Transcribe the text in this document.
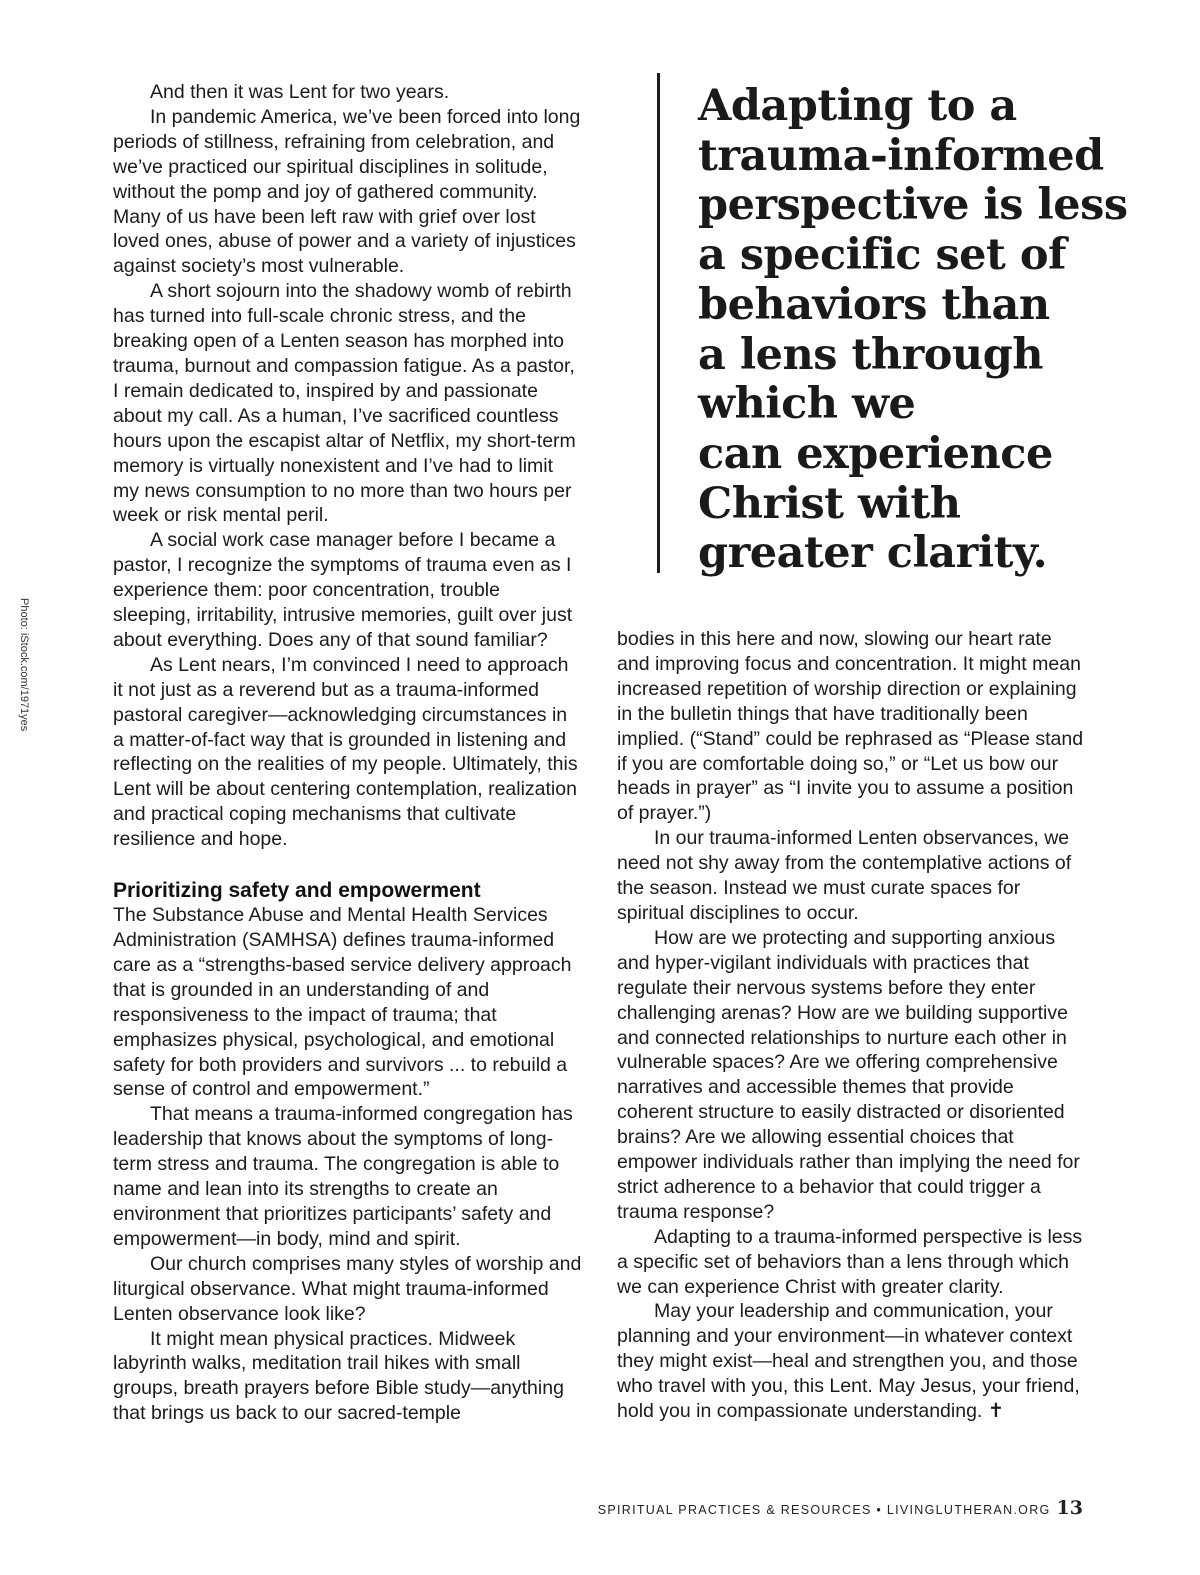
And then it was Lent for two years.

In pandemic America, we’ve been forced into long periods of stillness, refraining from celebration, and we’ve practiced our spiritual disciplines in solitude, without the pomp and joy of gathered community. Many of us have been left raw with grief over lost loved ones, abuse of power and a variety of injustices against society’s most vulnerable.

A short sojourn into the shadowy womb of rebirth has turned into full-scale chronic stress, and the breaking open of a Lenten season has morphed into trauma, burnout and compassion fatigue. As a pastor, I remain dedicated to, inspired by and passionate about my call. As a human, I’ve sacrificed countless hours upon the escapist altar of Netflix, my short-term memory is virtually nonexistent and I’ve had to limit my news consumption to no more than two hours per week or risk mental peril.

A social work case manager before I became a pastor, I recognize the symptoms of trauma even as I experience them: poor concentration, trouble sleeping, irritability, intrusive memories, guilt over just about everything. Does any of that sound familiar?

As Lent nears, I’m convinced I need to approach it not just as a reverend but as a trauma-informed pastoral caregiver—acknowledging circumstances in a matter-of-fact way that is grounded in listening and reflecting on the realities of my people. Ultimately, this Lent will be about centering contemplation, realization and practical coping mechanisms that cultivate resilience and hope.

Prioritizing safety and empowerment

The Substance Abuse and Mental Health Services Administration (SAMHSA) defines trauma-informed care as a “strengths-based service delivery approach that is grounded in an understanding of and responsiveness to the impact of trauma; that emphasizes physical, psychological, and emotional safety for both providers and survivors ... to rebuild a sense of control and empowerment.”

That means a trauma-informed congregation has leadership that knows about the symptoms of long-term stress and trauma. The congregation is able to name and lean into its strengths to create an environment that prioritizes participants’ safety and empowerment—in body, mind and spirit.

Our church comprises many styles of worship and liturgical observance. What might trauma-informed Lenten observance look like?

It might mean physical practices. Midweek labyrinth walks, meditation trail hikes with small groups, breath prayers before Bible study—anything that brings us back to our sacred-temple

Adapting to a
trauma-informed
perspective is less
a specific set of
behaviors than
a lens through
which we
can experience
Christ with
greater clarity.

bodies in this here and now, slowing our heart rate and improving focus and concentration. It might mean increased repetition of worship direction or explaining in the bulletin things that have traditionally been implied. (“Stand” could be rephrased as “Please stand if you are comfortable doing so,” or “Let us bow our heads in prayer” as “I invite you to assume a position of prayer.”)

In our trauma-informed Lenten observances, we need not shy away from the contemplative actions of the season. Instead we must curate spaces for spiritual disciplines to occur.

How are we protecting and supporting anxious and hyper-vigilant individuals with practices that regulate their nervous systems before they enter challenging arenas? How are we building supportive and connected relationships to nurture each other in vulnerable spaces? Are we offering comprehensive narratives and accessible themes that provide coherent structure to easily distracted or disoriented brains? Are we allowing essential choices that empower individuals rather than implying the need for strict adherence to a behavior that could trigger a trauma response?

Adapting to a trauma-informed perspective is less a specific set of behaviors than a lens through which we can experience Christ with greater clarity.

May your leadership and communication, your planning and your environment—in whatever context they might exist—heal and strengthen you, and those who travel with you, this Lent. May Jesus, your friend, hold you in compassionate understanding. ✝

Photo: iStock.com/1971yes
SPIRITUAL PRACTICES & RESOURCES • LIVINGLUTHERAN.ORG 13
